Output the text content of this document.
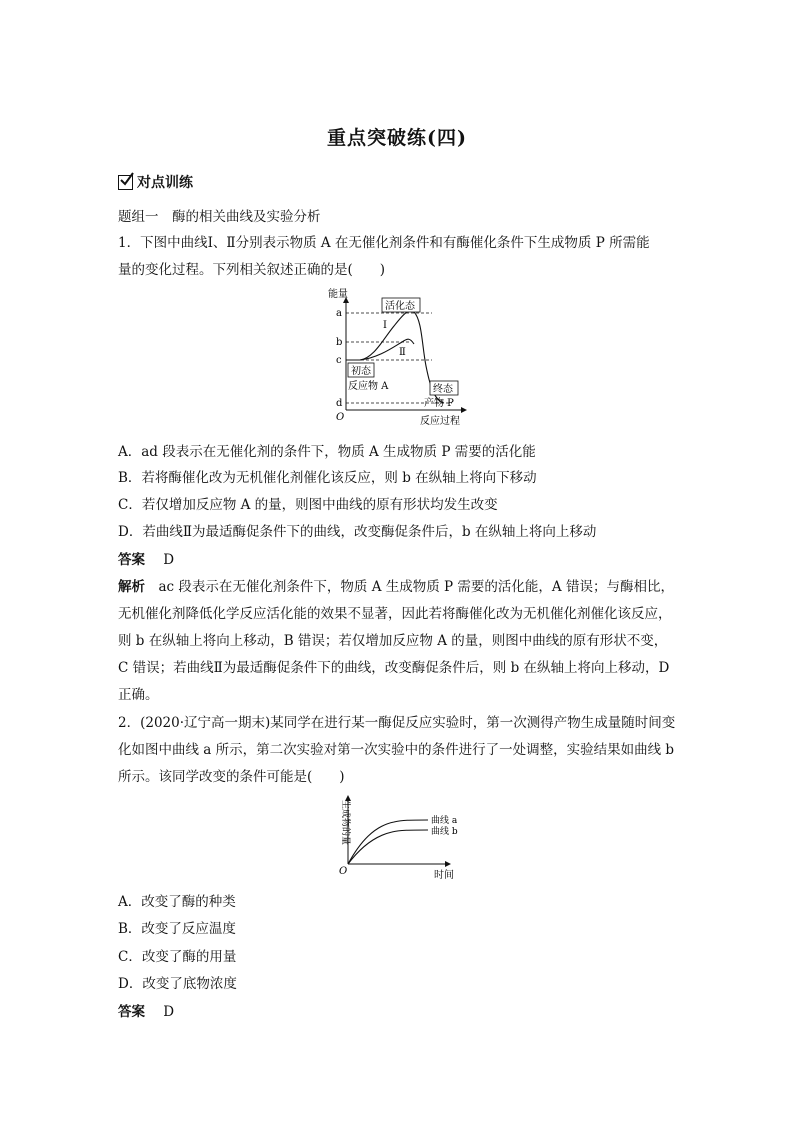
重点突破练(四)
对点训练
题组一　酶的相关曲线及实验分析
1．下图中曲线Ⅰ、Ⅱ分别表示物质 A 在无催化剂条件和有酶催化条件下生成物质 P 所需能
量的变化过程。下列相关叙述正确的是(　　)
能量
反应过程
O
a
b
c
d
Ⅰ
Ⅱ
活化态
初态
反应物 A	终态
产物 P
A．ad 段表示在无催化剂的条件下，物质 A 生成物质 P 需要的活化能
B．若将酶催化改为无机催化剂催化该反应，则 b 在纵轴上将向下移动
C．若仅增加反应物 A 的量，则图中曲线的原有形状均发生改变
D．若曲线Ⅱ为最适酶促条件下的曲线，改变酶促条件后，b 在纵轴上将向上移动
答案 D
解析　ac 段表示在无催化剂条件下，物质 A 生成物质 P 需要的活化能，A 错误；与酶相比，
无机催化剂降低化学反应活化能的效果不显著，因此若将酶催化改为无机催化剂催化该反应，
则 b 在纵轴上将向上移动，B 错误；若仅增加反应物 A 的量，则图中曲线的原有形状不变，
C 错误；若曲线Ⅱ为最适酶促条件下的曲线，改变酶促条件后，则 b 在纵轴上将向上移动，D
正确。
2．(2020·辽宁高一期末)某同学在进行某一酶促反应实验时，第一次测得产物生成量随时间变
化如图中曲线 a 所示，第二次实验对第一次实验中的条件进行了一处调整，实验结果如曲线 b
所示。该同学改变的条件可能是(　　)
生成物的量
时间
O
曲线 a
曲线 b
A．改变了酶的种类
B．改变了反应温度
C．改变了酶的用量
D．改变了底物浓度
答案 D
